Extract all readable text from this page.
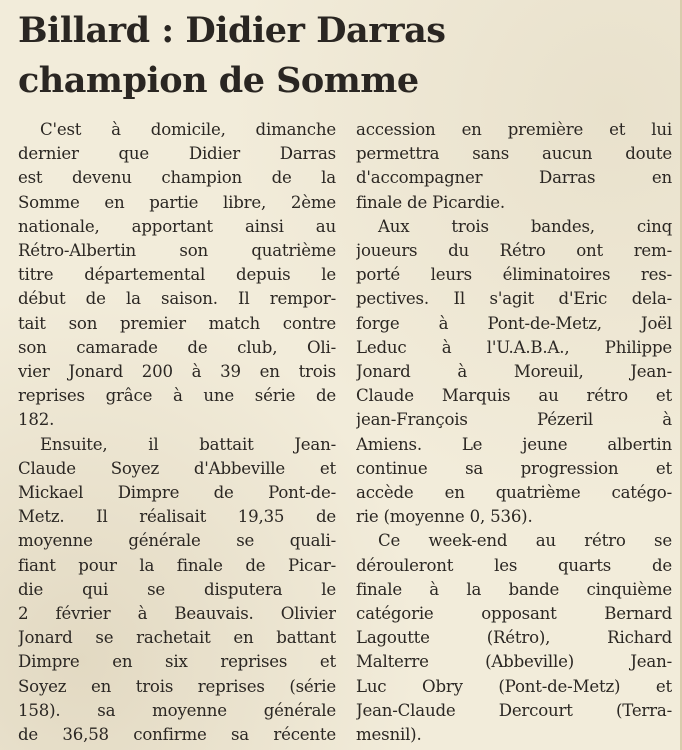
Billard : Didier Darras
champion de Somme
C'est à domicile, dimanche
dernier que Didier Darras
est devenu champion de la
Somme en partie libre, 2ème
nationale, apportant ainsi au
Rétro-Albertin son quatrième
titre départemental depuis le
début de la saison. Il rempor-
tait son premier match contre
son camarade de club, Oli-
vier Jonard 200 à 39 en trois
reprises grâce à une série de
182.
Ensuite, il battait Jean-
Claude Soyez d'Abbeville et
Mickael Dimpre de Pont-de-
Metz. Il réalisait 19,35 de
moyenne générale se quali-
fiant pour la finale de Picar-
die qui se disputera le
2 février à Beauvais. Olivier
Jonard se rachetait en battant
Dimpre en six reprises et
Soyez en trois reprises (série
158). sa moyenne générale
de 36,58 confirme sa récente
accession en première et lui
permettra sans aucun doute
d'accompagner Darras en
finale de Picardie.
Aux trois bandes, cinq
joueurs du Rétro ont rem-
porté leurs éliminatoires res-
pectives. Il s'agit d'Eric dela-
forge à Pont-de-Metz, Joël
Leduc à l'U.A.B.A., Philippe
Jonard à Moreuil, Jean-
Claude Marquis au rétro et
jean-François Pézeril à
Amiens. Le jeune albertin
continue sa progression et
accède en quatrième catégo-
rie (moyenne 0, 536).
Ce week-end au rétro se
dérouleront les quarts de
finale à la bande cinquième
catégorie opposant Bernard
Lagoutte (Rétro), Richard
Malterre (Abbeville) Jean-
Luc Obry (Pont-de-Metz) et
Jean-Claude Dercourt (Terra-
mesnil).
